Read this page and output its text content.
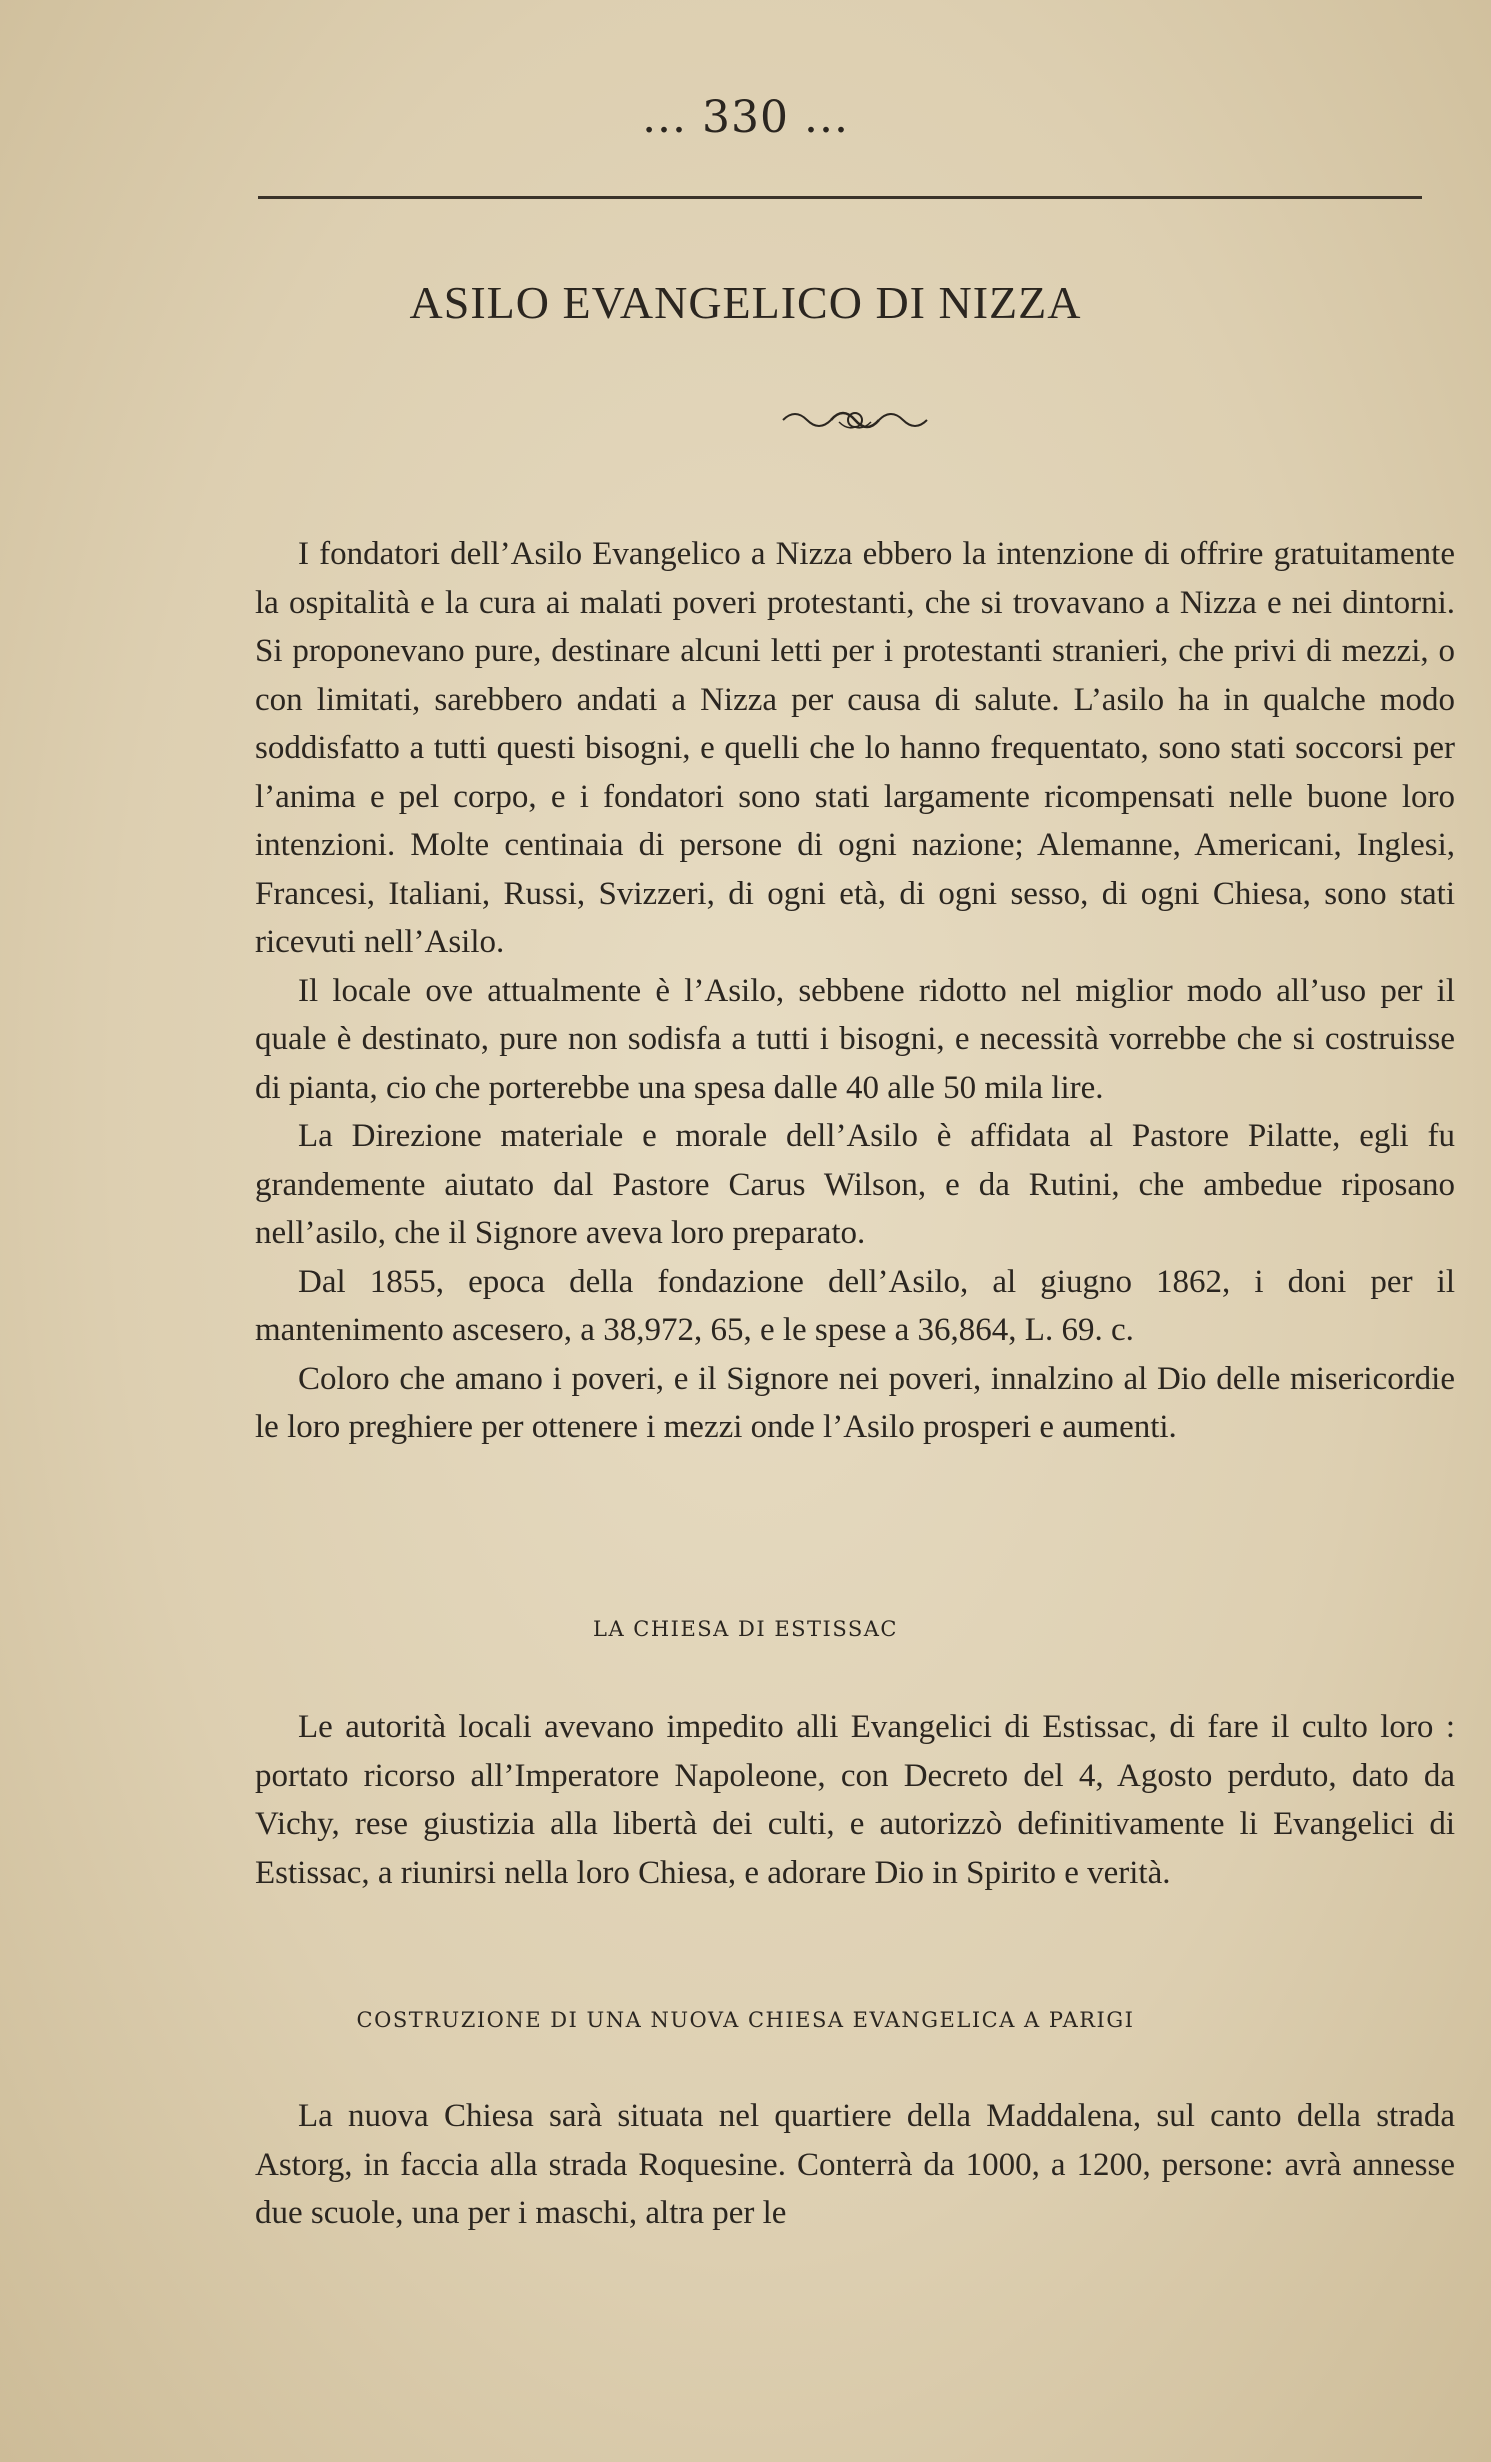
... 330 ...
ASILO EVANGELICO DI NIZZA

I fondatori dell’Asilo Evangelico a Nizza ebbero la intenzione di offrire gratuitamente la ospitalità e la cura ai malati poveri protestanti, che si trovavano a Nizza e nei dintorni. Si proponevano pure, destinare alcuni letti per i protestanti stranieri, che privi di mezzi, o con limitati, sarebbero andati a Nizza per causa di salute. L’asilo ha in qualche modo soddisfatto a tutti questi bisogni, e quelli che lo hanno frequentato, sono stati soccorsi per l’anima e pel corpo, e i fondatori sono stati largamente ricompensati nelle buone loro intenzioni. Molte centinaia di persone di ogni nazione; Alemanne, Americani, Inglesi, Francesi, Italiani, Russi, Svizzeri, di ogni età, di ogni sesso, di ogni Chiesa, sono stati ricevuti nell’Asilo.

Il locale ove attualmente è l’Asilo, sebbene ridotto nel miglior modo all’uso per il quale è destinato, pure non sodisfa a tutti i bisogni, e necessità vorrebbe che si costruisse di pianta, cio che porterebbe una spesa dalle 40 alle 50 mila lire.

La Direzione materiale e morale dell’Asilo è affidata al Pastore Pilatte, egli fu grandemente aiutato dal Pastore Carus Wilson, e da Rutini, che ambedue riposano nell’asilo, che il Signore aveva loro preparato.

Dal 1855, epoca della fondazione dell’Asilo, al giugno 1862, i doni per il mantenimento ascesero, a 38,972, 65, e le spese a 36,864, L. 69. c.

Coloro che amano i poveri, e il Signore nei poveri, innalzino al Dio delle misericordie le loro preghiere per ottenere i mezzi onde l’Asilo prosperi e aumenti.

LA CHIESA DI ESTISSAC

Le autorità locali avevano impedito alli Evangelici di Estissac, di fare il culto loro : portato ricorso all’Imperatore Napoleone, con Decreto del 4, Agosto perduto, dato da Vichy, rese giustizia alla libertà dei culti, e autorizzò definitivamente li Evangelici di Estissac, a riunirsi nella loro Chiesa, e adorare Dio in Spirito e verità.

COSTRUZIONE DI UNA NUOVA CHIESA EVANGELICA A PARIGI

La nuova Chiesa sarà situata nel quartiere della Maddalena, sul canto della strada Astorg, in faccia alla strada Roquesine. Conterrà da 1000, a 1200, persone: avrà annesse due scuole, una per i maschi, altra per le
